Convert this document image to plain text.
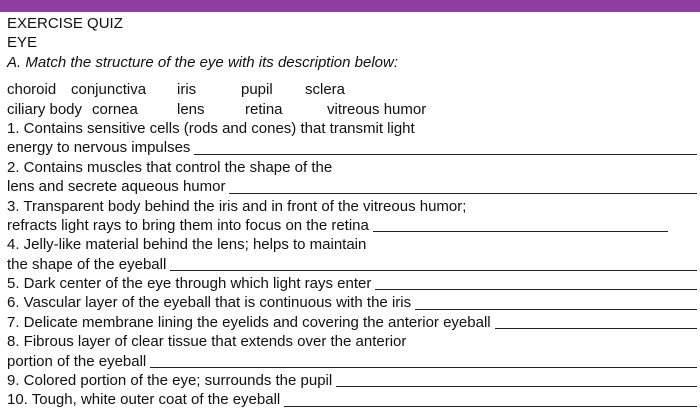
EXERCISE QUIZ
EYE
A. Match the structure of the eye with its description below:
choroid conjunctiva iris	pupil sclera
ciliary body cornea	lens	retina	vitreous humor
1. Contains sensitive cells (rods and cones) that transmit light
energy to nervous impulses
2. Contains muscles that control the shape of the
lens and secrete aqueous humor
3. Transparent body behind the iris and in front of the vitreous humor;
refracts light rays to bring them into focus on the retina
4. Jelly-like material behind the lens; helps to maintain
the shape of the eyeball
5. Dark center of the eye through which light rays enter
6. Vascular layer of the eyeball that is continuous with the iris
7. Delicate membrane lining the eyelids and covering the anterior eyeball
8. Fibrous layer of clear tissue that extends over the anterior
portion of the eyeball
9. Colored portion of the eye; surrounds the pupil
10. Tough, white outer coat of the eyeball
